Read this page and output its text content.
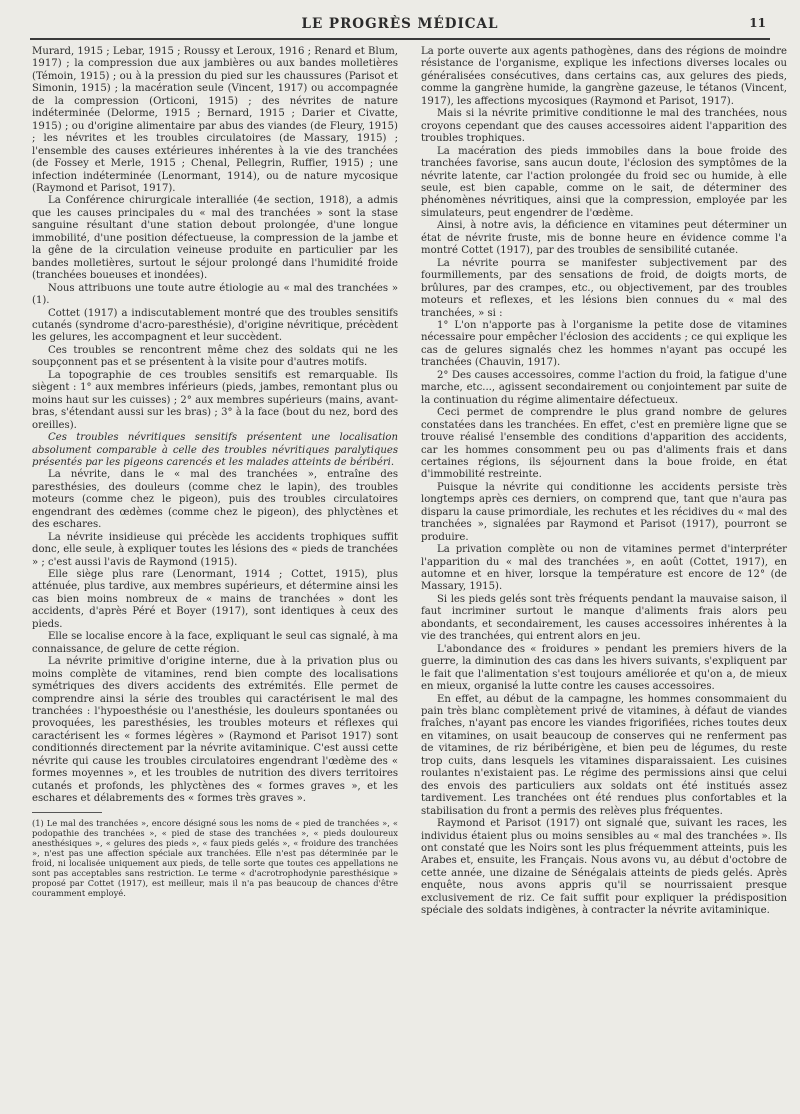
LE PROGRÈS MÉDICAL	11

Murard, 1915 ; Lebar, 1915 ; Roussy et Leroux, 1916 ; Renard et Blum, 1917) ; la compression due aux jambières ou aux bandes molletières (Témoin, 1915) ; ou à la pression du pied sur les chaussures (Parisot et Simonin, 1915) ; la macération seule (Vincent, 1917) ou accompagnée de la compression (Orticoni, 1915) ; des névrites de nature indéterminée (Delorme, 1915 ; Bernard, 1915 ; Darier et Civatte, 1915) ; ou d'origine alimentaire par abus des viandes (de Fleury, 1915) ; les névrites et les troubles circulatoires (de Massary, 1915) ; l'ensemble des causes extérieures inhérentes à la vie des tranchées (de Fossey et Merle, 1915 ; Chenal, Pellegrin, Ruffier, 1915) ; une infection indéterminée (Lenormant, 1914), ou de nature mycosique (Raymond et Parisot, 1917).

La Conférence chirurgicale interalliée (4e section, 1918), a admis que les causes principales du « mal des tranchées » sont la stase sanguine résultant d'une station debout prolongée, d'une longue immobilité, d'une position défectueuse, la compression de la jambe et la gêne de la circulation veineuse produite en particulier par les bandes molletières, surtout le séjour prolongé dans l'humidité froide (tranchées boueuses et inondées).

Nous attribuons une toute autre étiologie au « mal des tranchées » (1).

Cottet (1917) a indiscutablement montré que des troubles sensitifs cutanés (syndrome d'acro-paresthésie), d'origine névritique, précèdent les gelures, les accompagnent et leur succèdent.

Ces troubles se rencontrent même chez des soldats qui ne les soupçonnent pas et se présentent à la visite pour d'autres motifs.

La topographie de ces troubles sensitifs est remarquable. Ils siègent : 1° aux membres inférieurs (pieds, jambes, remontant plus ou moins haut sur les cuisses) ; 2° aux membres supérieurs (mains, avant-bras, s'étendant aussi sur les bras) ; 3° à la face (bout du nez, bord des oreilles).

Ces troubles névritiques sensitifs présentent une localisation absolument comparable à celle des troubles névritiques paralytiques présentés par les pigeons carencés et les malades atteints de béribéri.

La névrite, dans le « mal des tranchées », entraîne des paresthésies, des douleurs (comme chez le lapin), des troubles moteurs (comme chez le pigeon), puis des troubles circulatoires engendrant des œdèmes (comme chez le pigeon), des phlyctènes et des eschares.

La névrite insidieuse qui précède les accidents trophiques suffit donc, elle seule, à expliquer toutes les lésions des « pieds de tranchées » ; c'est aussi l'avis de Raymond (1915).

Elle siège plus rare (Lenormant, 1914 ; Cottet, 1915), plus atténuée, plus tardive, aux membres supérieurs, et détermine ainsi les cas bien moins nombreux de « mains de tranchées » dont les accidents, d'après Péré et Boyer (1917), sont identiques à ceux des pieds.

Elle se localise encore à la face, expliquant le seul cas signalé, à ma connaissance, de gelure de cette région.

La névrite primitive d'origine interne, due à la privation plus ou moins complète de vitamines, rend bien compte des localisations symétriques des divers accidents des extrémités. Elle permet de comprendre ainsi la série des troubles qui caractérisent le mal des tranchées : l'hypoesthésie ou l'anesthésie, les douleurs spontanées ou provoquées, les paresthésies, les troubles moteurs et réflexes qui caractérisent les « formes légères » (Raymond et Parisot 1917) sont conditionnés directement par la névrite avitaminique. C'est aussi cette névrite qui cause les troubles circulatoires engendrant l'œdème des « formes moyennes », et les troubles de nutrition des divers territoires cutanés et profonds, les phlyctènes des « formes graves », et les eschares et délabrements des « formes très graves ».

(1) Le mal des tranchées », encore désigné sous les noms de « pied de tranchées », « podopathie des tranchées », « pied de stase des tranchées », « pieds douloureux anesthésiques », « gelures des pieds », « faux pieds gelés », « froidure des tranchées », n'est pas une affection spéciale aux tranchées. Elle n'est pas déterminée par le froid, ni localisée uniquement aux pieds, de telle sorte que toutes ces appellations ne sont pas acceptables sans restriction. Le terme « d'acrotrophodynie paresthésique » proposé par Cottet (1917), est meilleur, mais il n'a pas beaucoup de chances d'être couramment employé.

La porte ouverte aux agents pathogènes, dans des régions de moindre résistance de l'organisme, explique les infections diverses locales ou généralisées consécutives, dans certains cas, aux gelures des pieds, comme la gangrène humide, la gangrène gazeuse, le tétanos (Vincent, 1917), les affections mycosiques (Raymond et Parisot, 1917).

Mais si la névrite primitive conditionne le mal des tranchées, nous croyons cependant que des causes accessoires aident l'apparition des troubles trophiques.

La macération des pieds immobiles dans la boue froide des tranchées favorise, sans aucun doute, l'éclosion des symptômes de la névrite latente, car l'action prolongée du froid sec ou humide, à elle seule, est bien capable, comme on le sait, de déterminer des phénomènes névritiques, ainsi que la compression, employée par les simulateurs, peut engendrer de l'œdème.

Ainsi, à notre avis, la déficience en vitamines peut déterminer un état de névrite fruste, mis de bonne heure en évidence comme l'a montré Cottet (1917), par des troubles de sensibilité cutanée.

La névrite pourra se manifester subjectivement par des fourmillements, par des sensations de froid, de doigts morts, de brûlures, par des crampes, etc., ou objectivement, par des troubles moteurs et reflexes, et les lésions bien connues du « mal des tranchées, » si :

1° L'on n'apporte pas à l'organisme la petite dose de vitamines nécessaire pour empêcher l'éclosion des accidents ; ce qui explique les cas de gelures signalés chez les hommes n'ayant pas occupé les tranchées (Chauvin, 1917).

2° Des causes accessoires, comme l'action du froid, la fatigue d'une marche, etc..., agissent secondairement ou conjointement par suite de la continuation du régime alimentaire défectueux.

Ceci permet de comprendre le plus grand nombre de gelures constatées dans les tranchées. En effet, c'est en première ligne que se trouve réalisé l'ensemble des conditions d'apparition des accidents, car les hommes consomment peu ou pas d'aliments frais et dans certaines régions, ils séjournent dans la boue froide, en état d'immobilité restreinte.

Puisque la névrite qui conditionne les accidents persiste très longtemps après ces derniers, on comprend que, tant que n'aura pas disparu la cause primordiale, les rechutes et les récidives du « mal des tranchées », signalées par Raymond et Parisot (1917), pourront se produire.

La privation complète ou non de vitamines permet d'interpréter l'apparition du « mal des tranchées », en août (Cottet, 1917), en automne et en hiver, lorsque la température est encore de 12° (de Massary, 1915).

Si les pieds gelés sont très fréquents pendant la mauvaise saison, il faut incriminer surtout le manque d'aliments frais alors peu abondants, et secondairement, les causes accessoires inhérentes à la vie des tranchées, qui entrent alors en jeu.

L'abondance des « froidures » pendant les premiers hivers de la guerre, la diminution des cas dans les hivers suivants, s'expliquent par le fait que l'alimentation s'est toujours améliorée et qu'on a, de mieux en mieux, organisé la lutte contre les causes accessoires.

En effet, au début de la campagne, les hommes consommaient du pain très blanc complètement privé de vitamines, à défaut de viandes fraîches, n'ayant pas encore les viandes frigorifiées, riches toutes deux en vitamines, on usait beaucoup de conserves qui ne renferment pas de vitamines, de riz béribérigène, et bien peu de légumes, du reste trop cuits, dans lesquels les vitamines disparaissaient. Les cuisines roulantes n'existaient pas. Le régime des permissions ainsi que celui des envois des particuliers aux soldats ont été institués assez tardivement. Les tranchées ont été rendues plus confortables et la stabilisation du front a permis des relèves plus fréquentes.

Raymond et Parisot (1917) ont signalé que, suivant les races, les individus étaient plus ou moins sensibles au « mal des tranchées ». Ils ont constaté que les Noirs sont les plus fréquemment atteints, puis les Arabes et, ensuite, les Français. Nous avons vu, au début d'octobre de cette année, une dizaine de Sénégalais atteints de pieds gelés. Après enquête, nous avons appris qu'il se nourrissaient presque exclusivement de riz. Ce fait suffit pour expliquer la prédisposition spéciale des soldats indigènes, à contracter la névrite avitaminique.
